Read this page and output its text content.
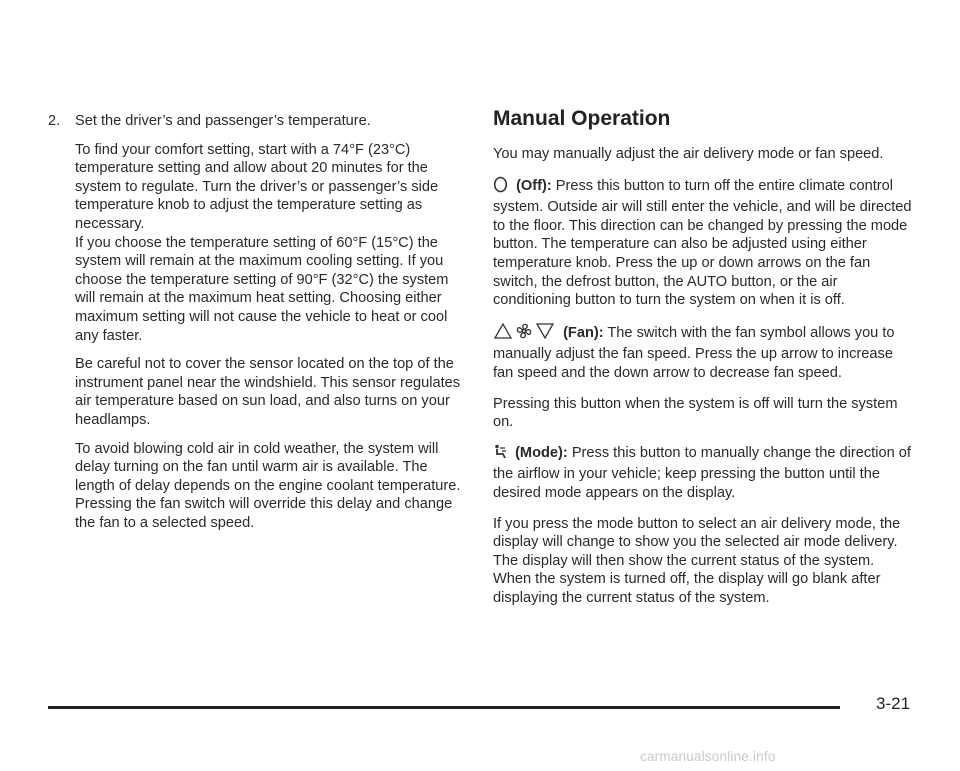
2.	Set the driver’s and passenger’s temperature.

To find your comfort setting, start with a 74°F (23°C) temperature setting and allow about 20 minutes for the system to regulate. Turn the driver’s or passenger’s side temperature knob to adjust the temperature setting as necessary.

If you choose the temperature setting of 60°F (15°C) the system will remain at the maximum cooling setting. If you choose the temperature setting of 90°F (32°C) the system will remain at the maximum heat setting. Choosing either maximum setting will not cause the vehicle to heat or cool any faster.

Be careful not to cover the sensor located on the top of the instrument panel near the windshield. This sensor regulates air temperature based on sun load, and also turns on your headlamps.

To avoid blowing cold air in cold weather, the system will delay turning on the fan until warm air is available. The length of delay depends on the engine coolant temperature. Pressing the fan switch will override this delay and change the fan to a selected speed.

Manual Operation

You may manually adjust the air delivery mode or fan speed.

(Off): Press this button to turn off the entire climate control system. Outside air will still enter the vehicle, and will be directed to the floor. This direction can be changed by pressing the mode button. The temperature can also be adjusted using either temperature knob. Press the up or down arrows on the fan switch, the defrost button, the AUTO button, or the air conditioning button to turn the system on when it is off.

(Fan): The switch with the fan symbol allows you to manually adjust the fan speed. Press the up arrow to increase fan speed and the down arrow to decrease fan speed.

Pressing this button when the system is off will turn the system on.

(Mode): Press this button to manually change the direction of the airflow in your vehicle; keep pressing the button until the desired mode appears on the display.

If you press the mode button to select an air delivery mode, the display will change to show you the selected air mode delivery. The display will then show the current status of the system. When the system is turned off, the display will go blank after displaying the current status of the system.

3-21
carmanualsonline.info
